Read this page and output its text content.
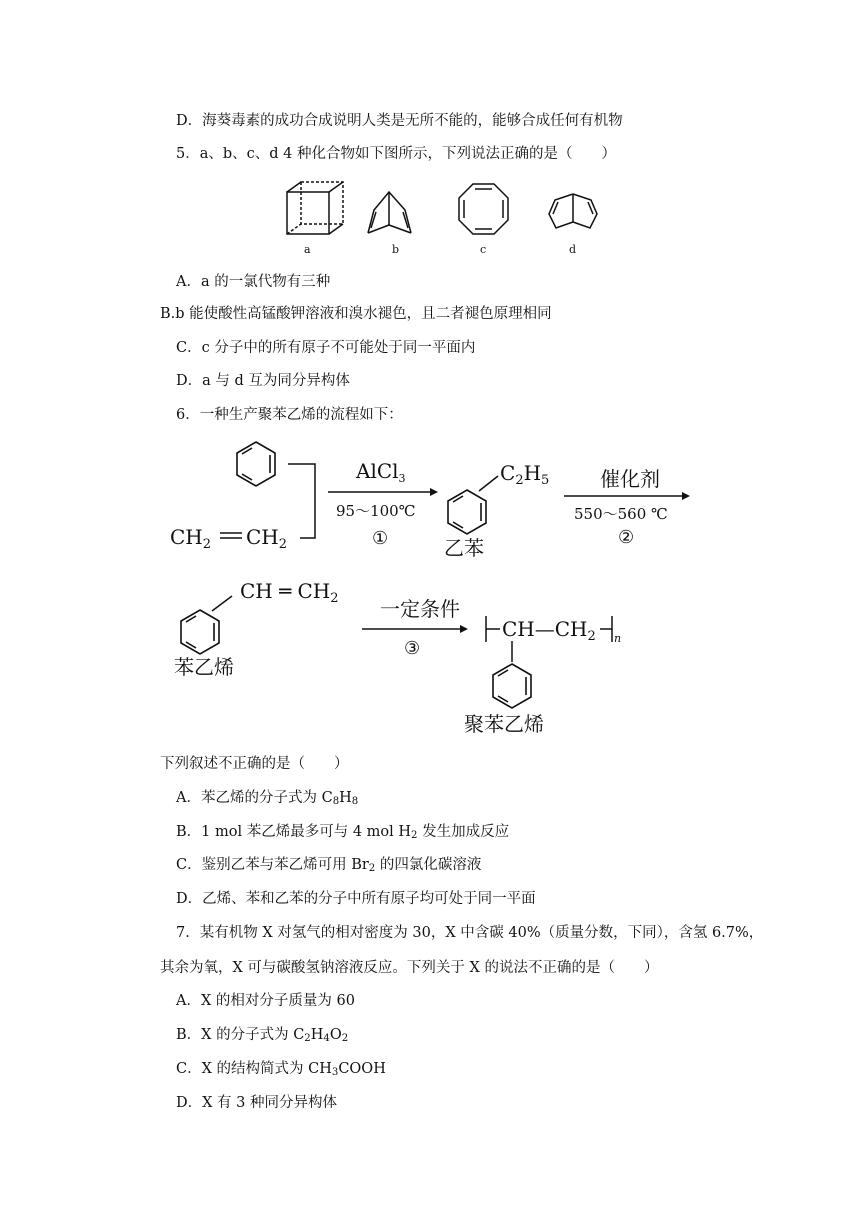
D．海葵毒素的成功合成说明人类是无所不能的，能够合成任何有机物
5．a、b、c、d 4 种化合物如下图所示，下列说法正确的是（　　）
a	b	c	d
A．a 的一氯代物有三种
B.b 能使酸性高锰酸钾溶液和溴水褪色，且二者褪色原理相同
C．c 分子中的所有原子不可能处于同一平面内
D．a 与 d 互为同分异构体
6．一种生产聚苯乙烯的流程如下：
$CH_2$ $CH_2$
AlCl$_3$
95～100℃
①
$C_2H_5$
乙苯
催化剂
550～560 ℃
②
CH ═ $CH_2$
苯乙烯
一定条件
③
$CH—CH_2$ n
聚苯乙烯
下列叙述不正确的是（　　）
A．苯乙烯的分子式为 $C_8H_8$
B．1 mol 苯乙烯最多可与 4 mol $H_2$ 发生加成反应
C．鉴别乙苯与苯乙烯可用 $Br_2$ 的四氯化碳溶液
D．乙烯、苯和乙苯的分子中所有原子均可处于同一平面
7．某有机物 X 对氢气的相对密度为 30，X 中含碳 40%（质量分数，下同），含氢 6.7%，
其余为氧，X 可与碳酸氢钠溶液反应。下列关于 X 的说法不正确的是（　　）
A．X 的相对分子质量为 60
B．X 的分子式为 $C_2H_4O_2$
C．X 的结构简式为 $CH_3COOH$
D．X 有 3 种同分异构体
